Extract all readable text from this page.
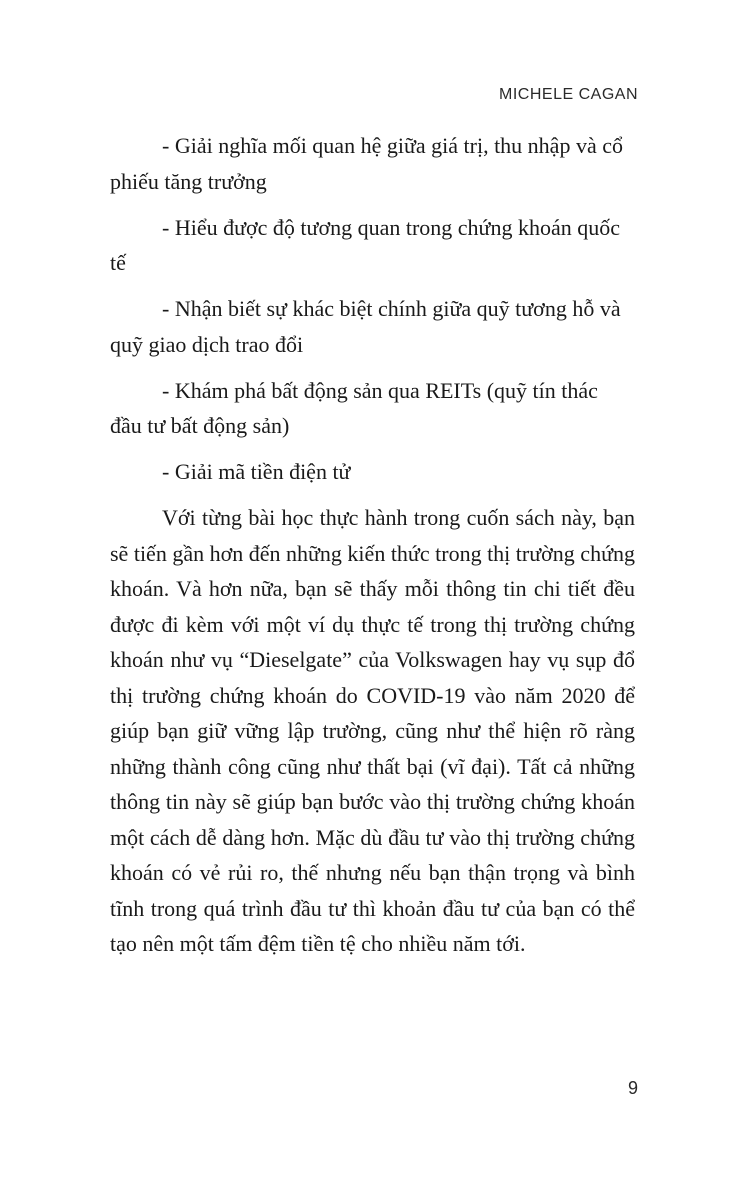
MICHELE CAGAN

- Giải nghĩa mối quan hệ giữa giá trị, thu nhập và cổ phiếu tăng trưởng

- Hiểu được độ tương quan trong chứng khoán quốc tế

- Nhận biết sự khác biệt chính giữa quỹ tương hỗ và quỹ giao dịch trao đổi

- Khám phá bất động sản qua REITs (quỹ tín thác đầu tư bất động sản)

- Giải mã tiền điện tử

Với từng bài học thực hành trong cuốn sách này, bạn sẽ tiến gần hơn đến những kiến thức trong thị trường chứng khoán. Và hơn nữa, bạn sẽ thấy mỗi thông tin chi tiết đều được đi kèm với một ví dụ thực tế trong thị trường chứng khoán như vụ “Dieselgate” của Volkswagen hay vụ sụp đổ thị trường chứng khoán do COVID-19 vào năm 2020 để giúp bạn giữ vững lập trường, cũng như thể hiện rõ ràng những thành công cũng như thất bại (vĩ đại). Tất cả những thông tin này sẽ giúp bạn bước vào thị trường chứng khoán một cách dễ dàng hơn. Mặc dù đầu tư vào thị trường chứng khoán có vẻ rủi ro, thế nhưng nếu bạn thận trọng và bình tĩnh trong quá trình đầu tư thì khoản đầu tư của bạn có thể tạo nên một tấm đệm tiền tệ cho nhiều năm tới.

9
